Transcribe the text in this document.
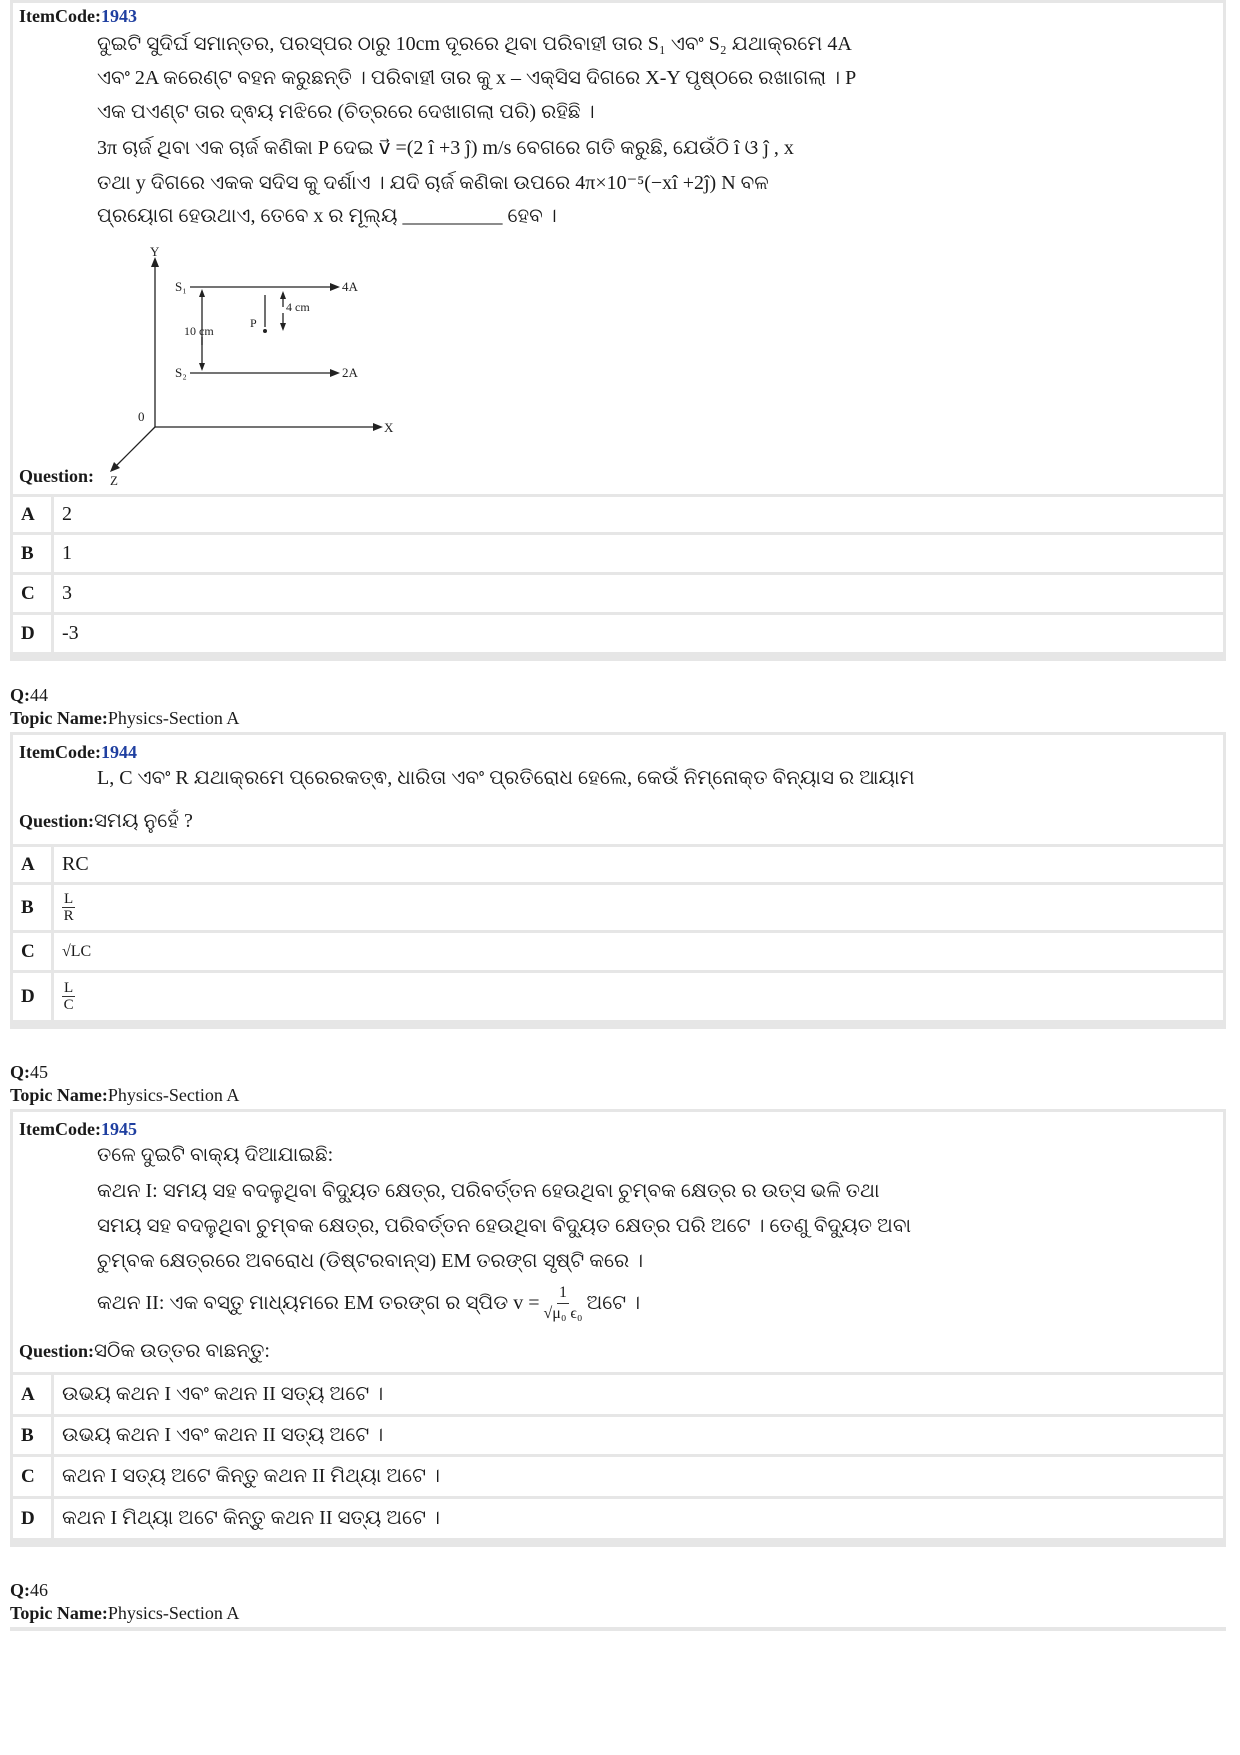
ItemCode:1943
ଦୁଇଟି ସୁଦିର୍ଘ ସମାନ୍ତର, ପରସ୍ପର ଠାରୁ 10cm ଦୂରରେ ଥିବା ପରିବାହୀ ତାର S₁ ଏବଂ S₂ ଯଥାକ୍ରମେ 4A
ଏବଂ 2A କରେଣ୍ଟ ବହନ କରୁଛନ୍ତି । ପରିବାହୀ ତାର କୁ x – ଏକ୍ସିସ ଦିଗରେ X-Y ପୃଷ୍ଠରେ ରଖାଗଲା । P
ଏକ ପଏଣ୍ଟ ତାର ଦ୍ଵୟ ମଝିରେ (ଚିତ୍ରରେ ଦେଖାଗଲା ପରି) ରହିଛି ।
3π ଚାର୍ଜ ଥିବା ଏକ ଚାର୍ଜ କଣିକା P ଦେଇ v⃗ =(2 î +3 ĵ) m/s ବେଗରେ ଗତି କରୁଛି, ଯେଉଁଠି î ଓ ĵ , x
ତଥା y ଦିଗରେ ଏକକ ସଦିସ କୁ ଦର୍ଶାଏ । ଯଦି ଚାର୍ଜ କଣିକା ଉପରେ 4π×10⁻⁵(−xî +2ĵ) N ବଳ
ପ୍ରୟୋଗ ହେଉଥାଏ, ତେବେ x ର ମୂଲ୍ୟ __________ ହେବ ।
Y
X
Z
0
S₁
S₂
4A
2A
10 cm
4 cm
P
Question:
A	2
B	1
C	3
D	-3
Q:44
Topic Name:Physics-Section A
ItemCode:1944
L, C ଏବଂ R ଯଥାକ୍ରମେ ପ୍ରେରକତ୍ଵ, ଧାରିତା ଏବଂ ପ୍ରତିରୋଧ ହେଲେ, କେଉଁ ନିମ୍ନୋକ୍ତ ବିନ୍ୟାସ ର ଆୟାମ
Question:ସମୟ ନୁହେଁ ?
A	RC
B	$\frac{L}{R}$
C	√LC
D	$\frac{L}{C}$
Q:45
Topic Name:Physics-Section A
ItemCode:1945
ତଳେ ଦୁଇଟି ବାକ୍ୟ ଦିଆଯାଇଛି:
କଥନ I: ସମୟ ସହ ବଦଳୁଥିବା ବିଦ୍ୟୁତ କ୍ଷେତ୍ର, ପରିବର୍ତ୍ତନ ହେଉଥିବା ଚୁମ୍ବକ କ୍ଷେତ୍ର ର ଉତ୍ସ ଭଳି ତଥା
ସମୟ ସହ ବଦଳୁଥିବା ଚୁମ୍ବକ କ୍ଷେତ୍ର, ପରିବର୍ତ୍ତନ ହେଉଥିବା ବିଦ୍ୟୁତ କ୍ଷେତ୍ର ପରି ଅଟେ । ତେଣୁ ବିଦ୍ୟୁତ ଅବା
ଚୁମ୍ବକ କ୍ଷେତ୍ରରେ ଅବରୋଧ (ଡିଷ୍ଟରବାନ୍ସ) EM ତରଙ୍ଗ ସୃଷ୍ଟି କରେ ।
କଥନ II: ଏକ ବସ୍ତୁ ମାଧ୍ୟମରେ EM ତରଙ୍ଗ ର ସ୍ପିଡ $v = \frac{1}{\text{√μ₀ ϵ₀}}$ ଅଟେ ।
Question:ସଠିକ ଉତ୍ତର ବାଛନ୍ତୁ:
A	ଉଭୟ କଥନ I ଏବଂ କଥନ II ସତ୍ୟ ଅଟେ ।
B	ଉଭୟ କଥନ I ଏବଂ କଥନ II ସତ୍ୟ ଅଟେ ।
C	କଥନ I ସତ୍ୟ ଅଟେ କିନ୍ତୁ କଥନ II ମିଥ୍ୟା ଅଟେ ।
D	କଥନ I ମିଥ୍ୟା ଅଟେ କିନ୍ତୁ କଥନ II ସତ୍ୟ ଅଟେ ।
Q:46
Topic Name:Physics-Section A
